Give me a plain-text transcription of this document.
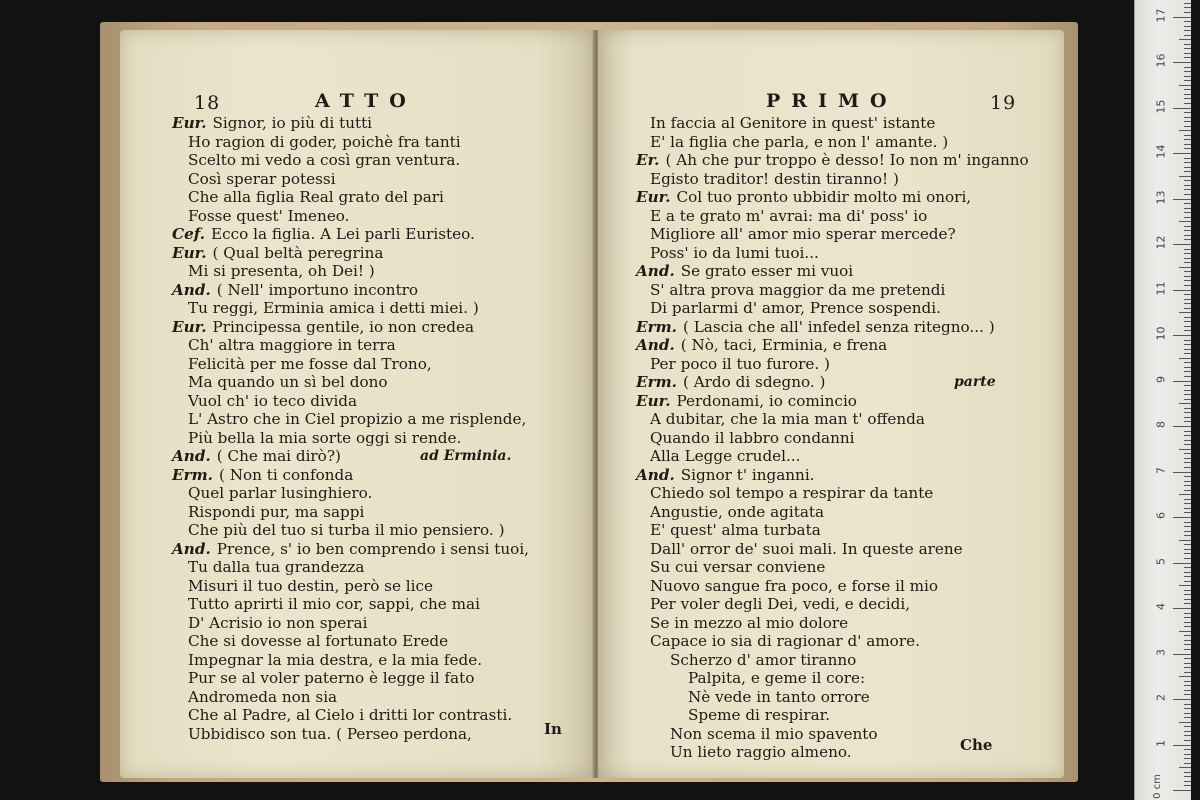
18	ATTO
Eur. Signor, io più di tutti
Ho ragion di goder, poichè fra tanti
Scelto mi vedo a così gran ventura.
Così sperar potessi
Che alla figlia Real grato del pari
Fosse quest' Imeneo.
Cef. Ecco la figlia. A Lei parli Euristeo.
Eur. ( Qual beltà peregrina
Mi si presenta, oh Dei! )
And. ( Nell' importuno incontro
Tu reggi, Erminia amica i detti miei. )
Eur. Principessa gentile, io non credea
Ch' altra maggiore in terra
Felicità per me fosse dal Trono,
Ma quando un sì bel dono
Vuol ch' io teco divida
L' Astro che in Ciel propizio a me risplende,
Più bella la mia sorte oggi si rende.
And. ( Che mai dirò?)	ad Erminia.
Erm. ( Non ti confonda
Quel parlar lusinghiero.
Rispondi pur, ma sappi
Che più del tuo si turba il mio pensiero. )
And. Prence, s' io ben comprendo i sensi tuoi,
Tu dalla tua grandezza
Misuri il tuo destin, però se lice
Tutto aprirti il mio cor, sappi, che mai
D' Acrisio io non sperai
Che si dovesse al fortunato Erede
Impegnar la mia destra, e la mia fede.
Pur se al voler paterno è legge il fato
Andromeda non sia
Che al Padre, al Cielo i dritti lor contrasti.
Ubbidisco son tua. ( Perseo perdona,	In
PRIMO	19
In faccia al Genitore in quest' istante
E' la figlia che parla, e non l' amante. )
Er. ( Ah che pur troppo è desso! Io non m' inganno
Egisto traditor! destin tiranno! )
Eur. Col tuo pronto ubbidir molto mi onori,
E a te grato m' avrai: ma di' poss' io
Migliore all' amor mio sperar mercede?
Poss' io da lumi tuoi...
And. Se grato esser mi vuoi
S' altra prova maggior da me pretendi
Di parlarmi d' amor, Prence sospendi.
Erm. ( Lascia che all' infedel senza ritegno... )
And. ( Nò, taci, Erminia, e frena
Per poco il tuo furore. )
Erm. ( Ardo di sdegno. )	parte
Eur. Perdonami, io comincio
A dubitar, che la mia man t' offenda
Quando il labbro condanni
Alla Legge crudel...
And. Signor t' inganni.
Chiedo sol tempo a respirar da tante
Angustie, onde agitata
E' quest' alma turbata
Dall' orror de' suoi mali. In queste arene
Su cui versar conviene
Nuovo sangue fra poco, e forse il mio
Per voler degli Dei, vedi, e decidi,
Se in mezzo al mio dolore
Capace io sia di ragionar d' amore.
Scherzo d' amor tiranno
Palpita, e geme il core:
Nè vede in tanto orrore
Speme di respirar.
Non scema il mio spavento
Un lieto raggio almeno.	Che
0 cm
17
16
15
14
13
12
11
10
9
8
7
6
5
4
3
2
1
